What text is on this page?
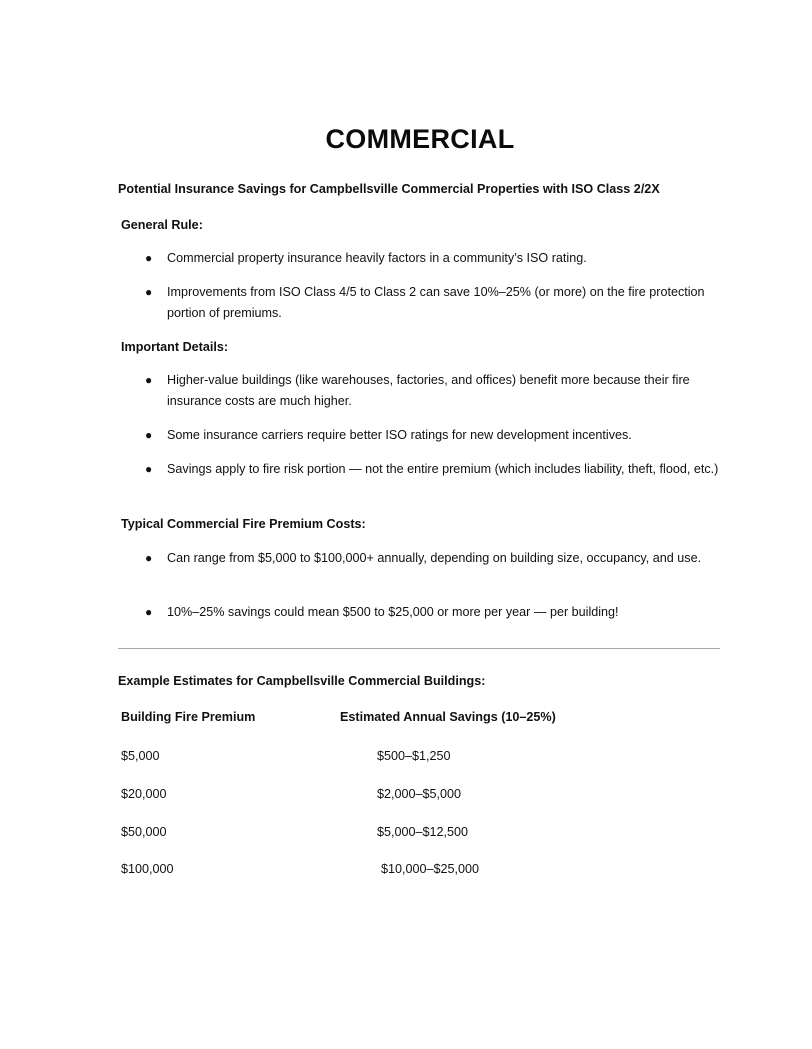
COMMERCIAL
Potential Insurance Savings for Campbellsville Commercial Properties with ISO Class 2/2X
General Rule:
● Commercial property insurance heavily factors in a community’s ISO rating.
● Improvements from ISO Class 4/5 to Class 2 can save 10%–25% (or more) on the fire protection portion of premiums.
Important Details:
● Higher-value buildings (like warehouses, factories, and offices) benefit more because their fire insurance costs are much higher.
● Some insurance carriers require better ISO ratings for new development incentives.
● Savings apply to fire risk portion — not the entire premium (which includes liability, theft, flood, etc.)
Typical Commercial Fire Premium Costs:
● Can range from $5,000 to $100,000+ annually, depending on building size, occupancy, and use.
● 10%–25% savings could mean $500 to $25,000 or more per year — per building!
Example Estimates for Campbellsville Commercial Buildings:
Building Fire Premium	Estimated Annual Savings (10–25%)
$5,000	$500–$1,250
$20,000	$2,000–$5,000
$50,000	$5,000–$12,500
$100,000	$10,000–$25,000
